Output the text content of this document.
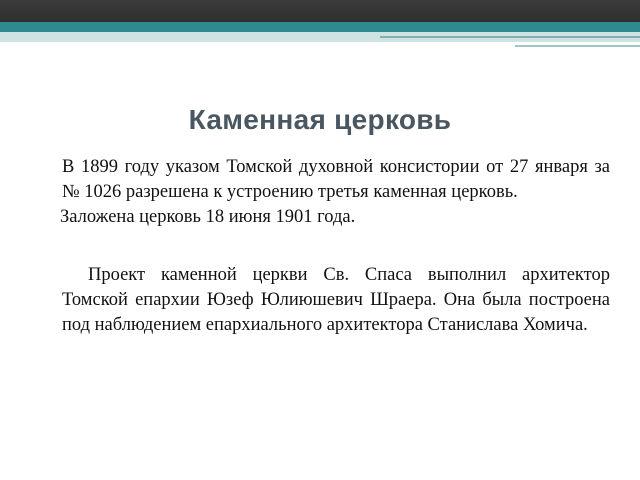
Каменная церковь

В 1899 году указом Томской духовной консистории от 27 января за № 1026 разрешена к устроению третья каменная церковь.

Заложена церковь 18 июня 1901 года.

Проект каменной церкви Св. Спаса выполнил архитектор Томской епархии Юзеф Юлиюшевич Шраера. Она была построена под наблюдением епархиального архитектора Станислава Хомича.
